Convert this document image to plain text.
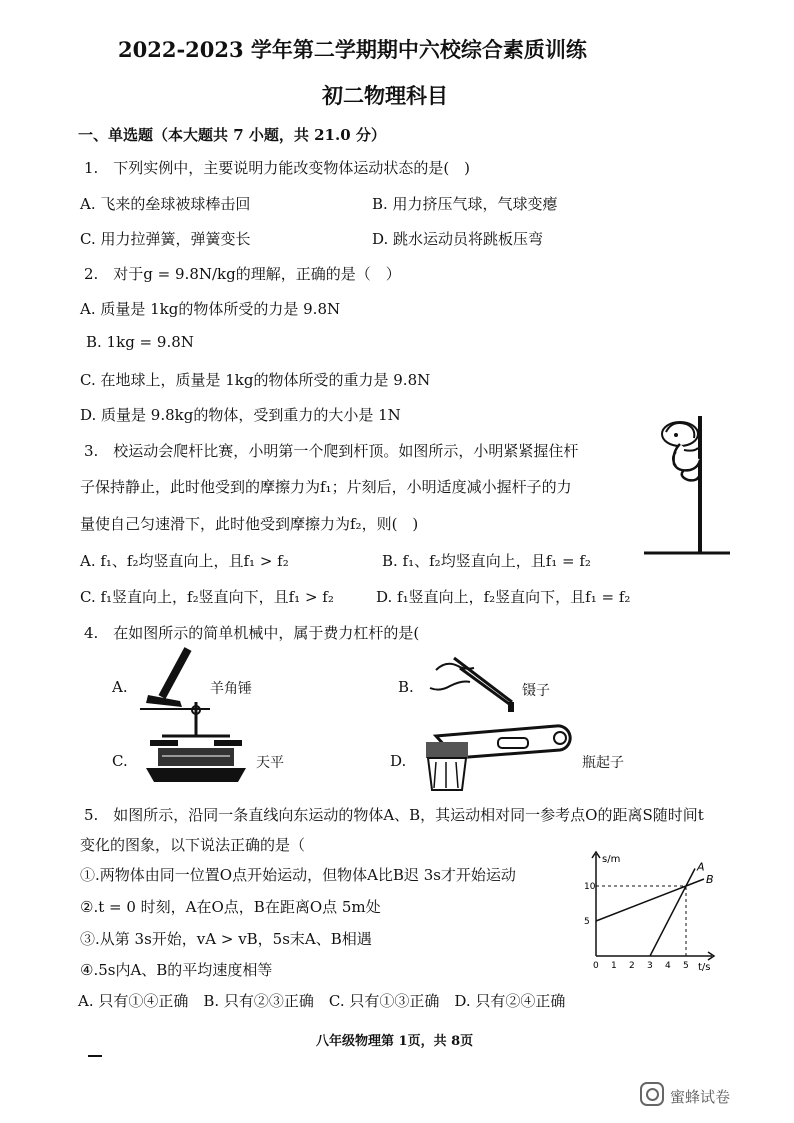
2022-2023 学年第二学期期中六校综合素质训练
初二物理科目
一、单选题（本大题共 7 小题，共 21.0 分）
1.　下列实例中，主要说明力能改变物体运动状态的是(　)
A. 飞来的垒球被球棒击回	B. 用力挤压气球，气球变瘪
C. 用力拉弹簧，弹簧变长	D. 跳水运动员将跳板压弯
2.　对于g = 9.8N/kg的理解，正确的是（　）
A. 质量是 1kg的物体所受的力是 9.8N
B. 1kg = 9.8N
C. 在地球上，质量是 1kg的物体所受的重力是 9.8N
D. 质量是 9.8kg的物体，受到重力的大小是 1N
3.　校运动会爬杆比赛，小明第一个爬到杆顶。如图所示，小明紧紧握住杆
子保持静止，此时他受到的摩擦力为f₁；片刻后，小明适度减小握杆子的力
量使自己匀速滑下，此时他受到摩擦力为f₂，则(　)
A. f₁、f₂均竖直向上，且f₁ > f₂	B. f₁、f₂均竖直向上，且f₁ = f₂
C. f₁竖直向上，f₂竖直向下，且f₁ > f₂	D. f₁竖直向上，f₂竖直向下，且f₁ = f₂
4.　在如图所示的简单机械中，属于费力杠杆的是(
A.	羊角锤	B.	镊子
C.	天平	D.	瓶起子
5.　如图所示，沿同一条直线向东运动的物体A、B，其运动相对同一参考点O的距离S随时间t
变化的图象，以下说法正确的是（
①.两物体由同一位置O点开始运动，但物体A比B迟 3s才开始运动
②.t = 0 时刻，A在O点，B在距离O点 5m处
③.从第 3s开始，vA > vB，5s末A、B相遇
④.5s内A、B的平均速度相等
A. 只有①④正确　B. 只有②③正确　C. 只有①③正确　D. 只有②④正确
s/m
t/s
0 1 2 3 4 5
5
10
A
B
八年级物理第 1页，共 8页
蜜蜂试卷
